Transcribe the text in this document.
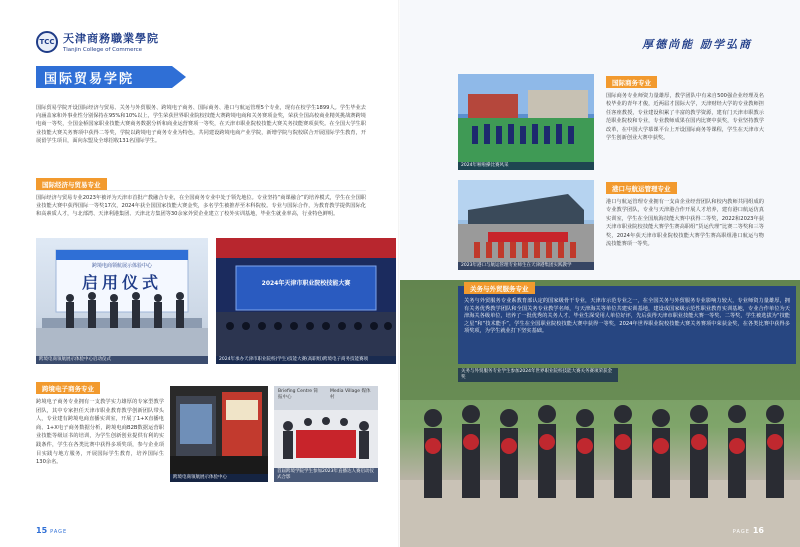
TCC 天津商務職業學院
Tianjin College of Commerce
国际贸易学院
国际贸易学院开设国际经济与贸易、关务与外贸服务、跨境电子商务、国际商务、港口与航运管理5个专业，现有在校学生1899人。学生毕业去向涵盖家和外事业性分别保持在95%和10%以上，学生荣获世界职业院校技能大赛跨境电商和关务赛项金奖，荣获全国高校商业精英挑战赛跨境电商一等奖，全国金桥国家职业技能大赛商务数据分析和商业运营赛项一等奖，在天津市职业院校技能大赛关务技能赛项获奖。在全国大学生职业技能大赛关务赛项中获得二等奖，学院以跨境电子商务专业为特色，共同建设跨境电商产业学院，新增学院与院校联合开展国际学生教育，开展留学生项目，面向东盟及全球招收131名国际学生。
国际经济与贸易专业
国际经济与贸易专业2023年被评为天津市首批产教融合专业，在全国商务专业中处于领先地位。专业坚持“商课融合”的培养模式，学生在全国职业技能大赛中获得国际一等奖17次，2024年获全国国家技能大赛金奖，多名学生被推荐至本科院校。专业与国际合作，为教育教学提供国际化和高素质人才，与北部湾、天津利港集团、天津北方集团等30余家外贸企业建立了校外实训基地，毕业生就业率高，行业特色鲜明。
跨境电商领航展示体验中心
启用仪式
跨境电商领航展示体验中心启动仪式
2024年天津市职业院校技能大赛
2024年承办天津市职业院校(学生)技能大赛(高职组)跨境电子商务技能赛项
跨境电子商务专业
跨境电子商务专业拥有一支教学实力雄厚的专家型教学团队，其中专家担任天津市职业教育教学创新团队带头人，专业建有跨境电商直播实训室，开展了1+X直播电商、1+X电子商务数据分析，跨境电商B2B数据运营职业技能等级证书的培训，为学生创新创业提供有利的实践条件，学生在各类比赛中获得多项奖项，参与企业项目实践与地方服务，开展国际学生教育，培养国际生130余名。
跨境电商领航展示体验中心
Briefing Centre 简报中心
Media Village 媒体村
首届跨境学院学生参加2023年直播达人赛启动仪式合影
15 PAGE
厚德尚能 励学弘商
2024年啦啦操比赛风采
国际商务专业
国际商务专业师资力量雄厚，教学团队中有来自500强企业经理及名校毕业的青年才俊，近两届才国际大学，天津财经大学的专业教师担任客座教授，专业建设积累了丰富的教学资源，建有门天津市职教示范职业院校和专业，专业教师成果在国内比赛中获奖，专业坚持教学改革，在中国大学慕课平台上开设国际商务等课程，学生在天津市大学生创新创业大赛中获奖。
2023年港口与航运管理专业师生在天津港集团实践教学
港口与航运管理专业
港口与航运管理专业拥有一支由企业经营团队和校内教师共同组成的专业教学团队，专业与天津港合作开展人才培养，建有港口航运仿真实训室，学生在全国航海技能大赛中获得二等奖，2022和2023年获天津市职业院校技能大赛学生赛高职组“货运代理”比赛二等奖和三等奖，2024年获天津市职业院校技能大赛学生赛高职组港口航运与物流技能赛项一等奖。
关务与外贸服务专业
关务与外贸服务专业系教育部认定的国家级骨干专业，天津市示范专业之一，在全国关务与外贸服务专业影响力较大，专业师资力量雄厚，拥有关务优秀教学团队和全国关务专业教学名师，与天津海关等单位共建实训基地，建设成国家级示范性职业教育实训基地，专业合作单位为天津海关各级单位，培养了一批优秀的关务人才，毕业生深受用人单位好评，先后获得天津市职业技能大赛一等奖、二等奖，学生被选拔为“技能之星”和“技术能手”，学生在全国职业院校技能大赛中获得一等奖，2024年世界职业院校技能大赛关务赛项中荣获金奖，在各类比赛中获得多项奖项，为学生就业打下坚实基础。
关务与外贸服务专业学生参加2024年世界职业院校技能大赛关务赛项荣获金奖
PAGE 16
